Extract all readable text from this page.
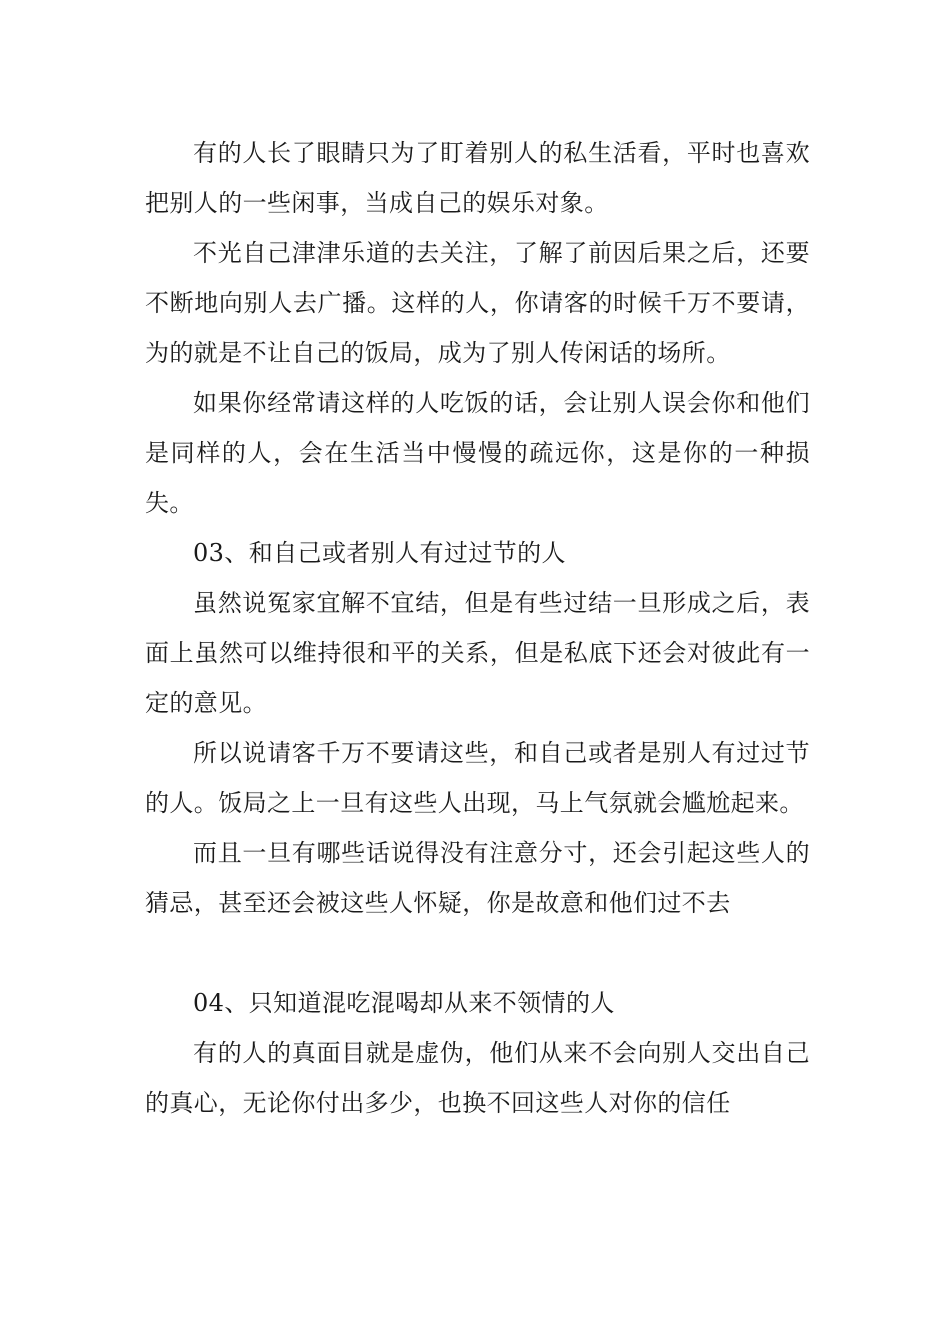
有的人长了眼睛只为了盯着别人的私生活看，平时也喜欢把别人的一些闲事，当成自己的娱乐对象。

不光自己津津乐道的去关注，了解了前因后果之后，还要不断地向别人去广播。这样的人，你请客的时候千万不要请，为的就是不让自己的饭局，成为了别人传闲话的场所。

如果你经常请这样的人吃饭的话，会让别人误会你和他们是同样的人，会在生活当中慢慢的疏远你，这是你的一种损失。

03、和自己或者别人有过过节的人

虽然说冤家宜解不宜结，但是有些过结一旦形成之后，表面上虽然可以维持很和平的关系，但是私底下还会对彼此有一定的意见。

所以说请客千万不要请这些，和自己或者是别人有过过节的人。饭局之上一旦有这些人出现，马上气氛就会尴尬起来。

而且一旦有哪些话说得没有注意分寸，还会引起这些人的猜忌，甚至还会被这些人怀疑，你是故意和他们过不去

04、只知道混吃混喝却从来不领情的人

有的人的真面目就是虚伪，他们从来不会向别人交出自己的真心，无论你付出多少，也换不回这些人对你的信任
